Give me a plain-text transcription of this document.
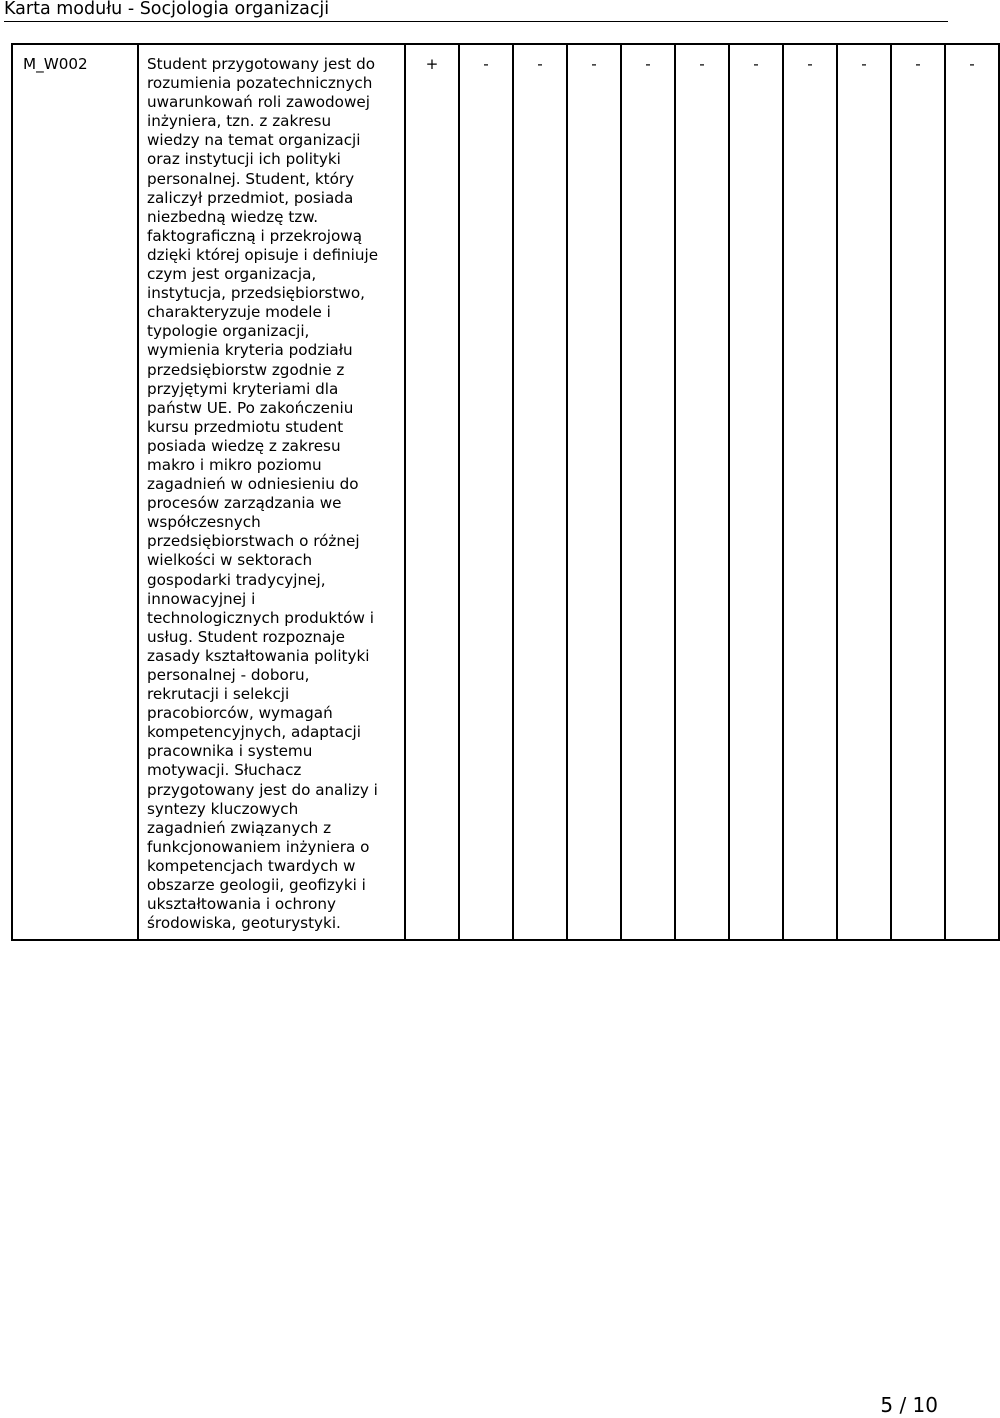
Karta modułu - Socjologia organizacji
M_W002	Student przygotowany jest do
rozumienia pozatechnicznych
uwarunkowań roli zawodowej
inżyniera, tzn. z zakresu
wiedzy na temat organizacji
oraz instytucji ich polityki
personalnej. Student, który
zaliczył przedmiot, posiada
niezbedną wiedzę tzw.
faktograficzną i przekrojową
dzięki której opisuje i definiuje
czym jest organizacja,
instytucja, przedsiębiorstwo,
charakteryzuje modele i
typologie organizacji,
wymienia kryteria podziału
przedsiębiorstw zgodnie z
przyjętymi kryteriami dla
państw UE. Po zakończeniu
kursu przedmiotu student
posiada wiedzę z zakresu
makro i mikro poziomu
zagadnień w odniesieniu do
procesów zarządzania we
współczesnych
przedsiębiorstwach o różnej
wielkości w sektorach
gospodarki tradycyjnej,
innowacyjnej i
technologicznych produktów i
usług. Student rozpoznaje
zasady kształtowania polityki
personalnej - doboru,
rekrutacji i selekcji
pracobiorców, wymagań
kompetencyjnych, adaptacji
pracownika i systemu
motywacji. Słuchacz
przygotowany jest do analizy i
syntezy kluczowych
zagadnień związanych z
funkcjonowaniem inżyniera o
kompetencjach twardych w
obszarze geologii, geofizyki i
ukształtowania i ochrony
środowiska, geoturystyki.
	+	-	-	-	-	-	-	-	-	-	-
5 / 10
